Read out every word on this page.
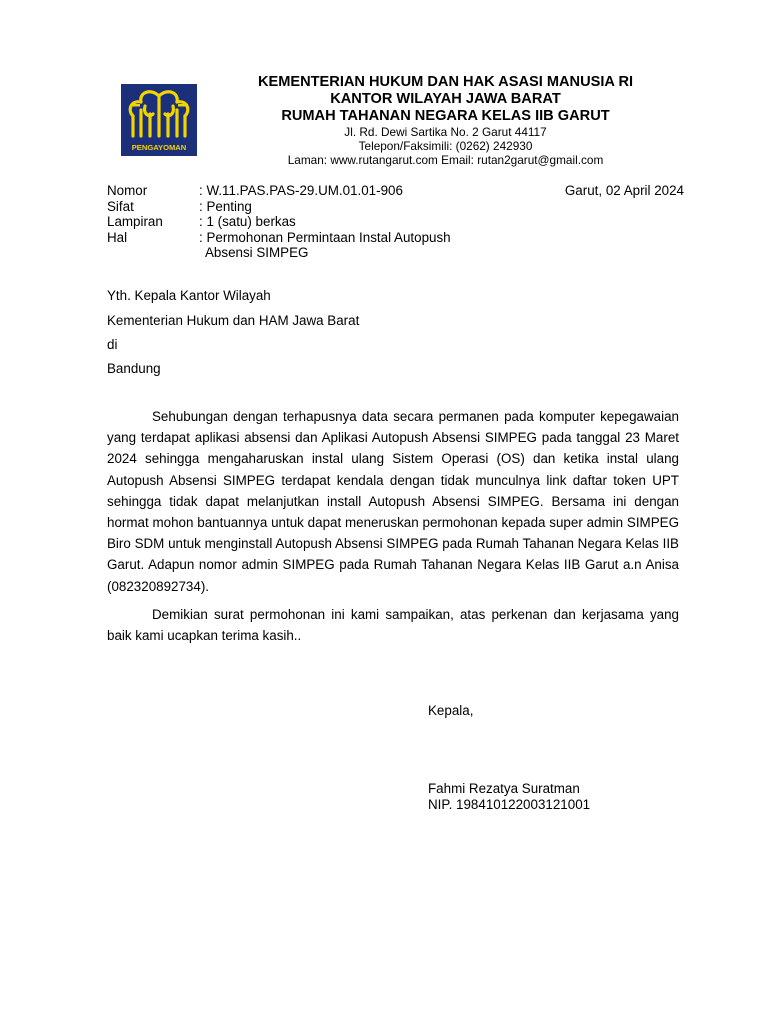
PENGAYOMAN
KEMENTERIAN HUKUM DAN HAK ASASI MANUSIA RI
KANTOR WILAYAH JAWA BARAT
RUMAH TAHANAN NEGARA KELAS IIB GARUT
Jl. Rd. Dewi Sartika No. 2 Garut 44117
Telepon/Faksimili: (0262) 242930
Laman: www.rutangarut.com Email: rutan2garut@gmail.com
Nomor	: W.11.PAS.PAS-29.UM.01.01-906
Sifat	: Penting
Lampiran	: 1 (satu) berkas
Hal	: Permohonan Permintaan Instal Autopush
Absensi SIMPEG
Garut, 02 April 2024
Yth. Kepala Kantor Wilayah
Kementerian Hukum dan HAM Jawa Barat
di
Bandung

Sehubungan dengan terhapusnya data secara permanen pada komputer kepegawaian yang terdapat aplikasi absensi dan Aplikasi Autopush Absensi SIMPEG pada tanggal 23 Maret 2024 sehingga mengaharuskan instal ulang Sistem Operasi (OS) dan ketika instal ulang Autopush Absensi SIMPEG terdapat kendala dengan tidak munculnya link daftar token UPT sehingga tidak dapat melanjutkan install Autopush Absensi SIMPEG. Bersama ini dengan hormat mohon bantuannya untuk dapat meneruskan permohonan kepada super admin SIMPEG Biro SDM untuk menginstall Autopush Absensi SIMPEG pada Rumah Tahanan Negara Kelas IIB Garut. Adapun nomor admin SIMPEG pada Rumah Tahanan Negara Kelas IIB Garut a.n Anisa (082320892734).

Demikian surat permohonan ini kami sampaikan, atas perkenan dan kerjasama yang baik kami ucapkan terima kasih..

Kepala,
Fahmi Rezatya Suratman
NIP. 198410122003121001
